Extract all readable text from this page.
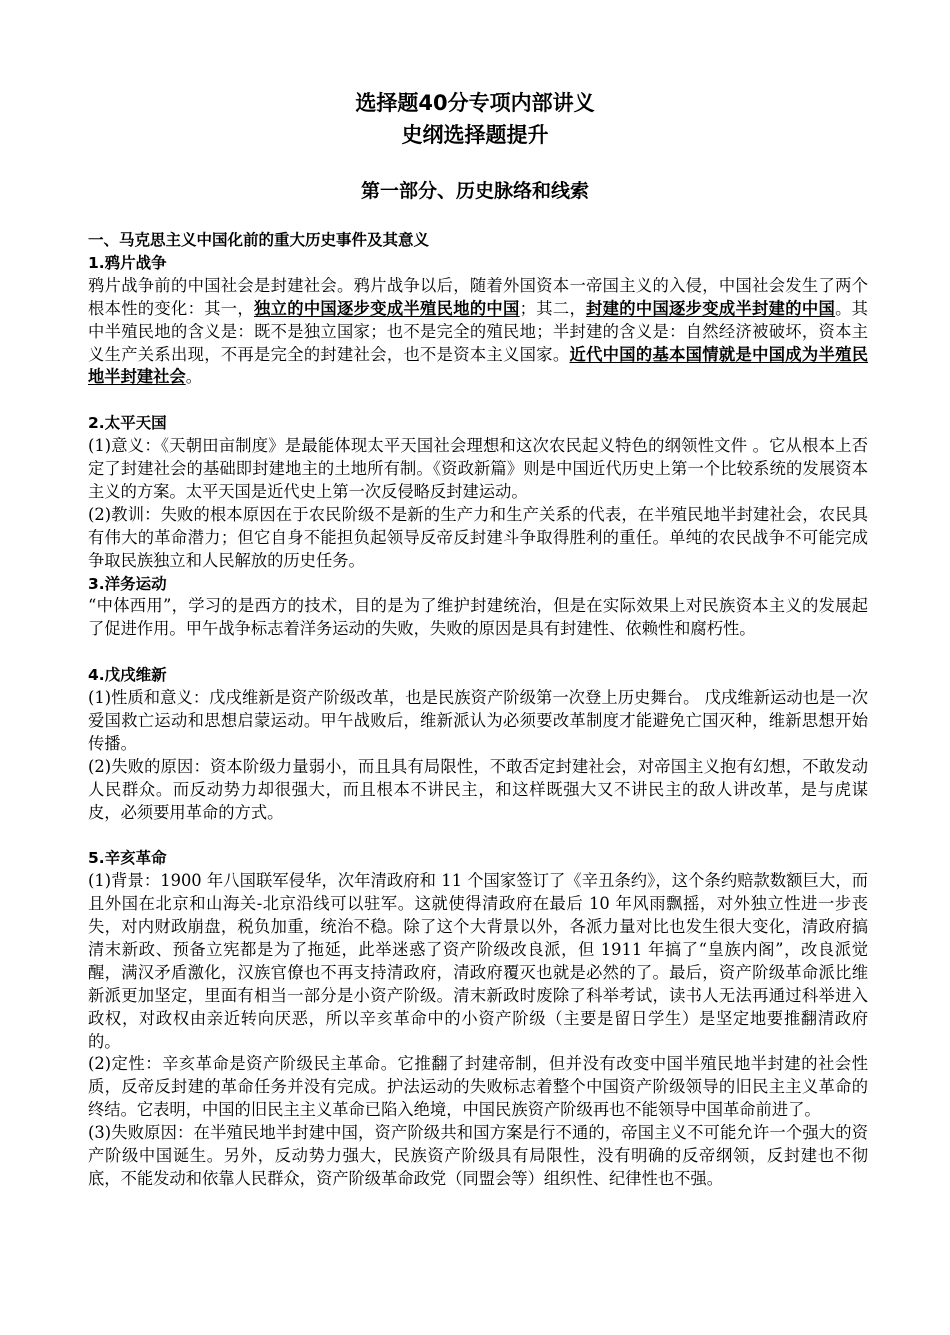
选择题40分专项内部讲义
史纲选择题提升
第一部分、历史脉络和线索
一、马克思主义中国化前的重大历史事件及其意义
1.鸦片战争
鸦片战争前的中国社会是封建社会。鸦片战争以后，随着外国资本一帝国主义的入侵，中国社会发生了两个根本性的变化：其一，独立的中国逐步变成半殖民地的中国；其二，封建的中国逐步变成半封建的中国。其中半殖民地的含义是：既不是独立国家；也不是完全的殖民地；半封建的含义是：自然经济被破坏，资本主义生产关系出现，不再是完全的封建社会，也不是资本主义国家。近代中国的基本国情就是中国成为半殖民地半封建社会。
2.太平天国
(1)意义：《天朝田亩制度》是最能体现太平天国社会理想和这次农民起义特色的纲领性文件 。它从根本上否定了封建社会的基础即封建地主的土地所有制。《资政新篇》则是中国近代历史上第一个比较系统的发展资本主义的方案。太平天国是近代史上第一次反侵略反封建运动。
(2)教训：失败的根本原因在于农民阶级不是新的生产力和生产关系的代表，在半殖民地半封建社会，农民具有伟大的革命潜力；但它自身不能担负起领导反帝反封建斗争取得胜利的重任。单纯的农民战争不可能完成争取民族独立和人民解放的历史任务。
3.洋务运动
“中体西用”，学习的是西方的技术，目的是为了维护封建统治，但是在实际效果上对民族资本主义的发展起了促进作用。甲午战争标志着洋务运动的失败，失败的原因是具有封建性、依赖性和腐朽性。
4.戊戌维新
(1)性质和意义：戊戌维新是资产阶级改革，也是民族资产阶级第一次登上历史舞台。 戊戌维新运动也是一次爱国救亡运动和思想启蒙运动。甲午战败后，维新派认为必须要改革制度才能避免亡国灭种，维新思想开始传播。
(2)失败的原因：资本阶级力量弱小，而且具有局限性，不敢否定封建社会，对帝国主义抱有幻想，不敢发动人民群众。而反动势力却很强大，而且根本不讲民主，和这样既强大又不讲民主的敌人讲改革，是与虎谋皮，必须要用革命的方式。
5.辛亥革命
(1)背景：1900 年八国联军侵华，次年清政府和 11 个国家签订了《辛丑条约》，这个条约赔款数额巨大，而且外国在北京和山海关-北京沿线可以驻军。这就使得清政府在最后 10 年风雨飘摇，对外独立性进一步丧失，对内财政崩盘，税负加重，统治不稳。除了这个大背景以外，各派力量对比也发生很大变化，清政府搞清末新政、预备立宪都是为了拖延，此举迷惑了资产阶级改良派，但 1911 年搞了“皇族内阁”，改良派觉醒，满汉矛盾激化，汉族官僚也不再支持清政府，清政府覆灭也就是必然的了。最后，资产阶级革命派比维新派更加坚定，里面有相当一部分是小资产阶级。清末新政时废除了科举考试，读书人无法再通过科举进入政权，对政权由亲近转向厌恶，所以辛亥革命中的小资产阶级（主要是留日学生）是坚定地要推翻清政府的。
(2)定性：辛亥革命是资产阶级民主革命。它推翻了封建帝制，但并没有改变中国半殖民地半封建的社会性质，反帝反封建的革命任务并没有完成。护法运动的失败标志着整个中国资产阶级领导的旧民主主义革命的终结。它表明，中国的旧民主主义革命已陷入绝境，中国民族资产阶级再也不能领导中国革命前进了。
(3)失败原因：在半殖民地半封建中国，资产阶级共和国方案是行不通的，帝国主义不可能允许一个强大的资产阶级中国诞生。另外，反动势力强大，民族资产阶级具有局限性，没有明确的反帝纲领，反封建也不彻底，不能发动和依靠人民群众，资产阶级革命政党（同盟会等）组织性、纪律性也不强。
